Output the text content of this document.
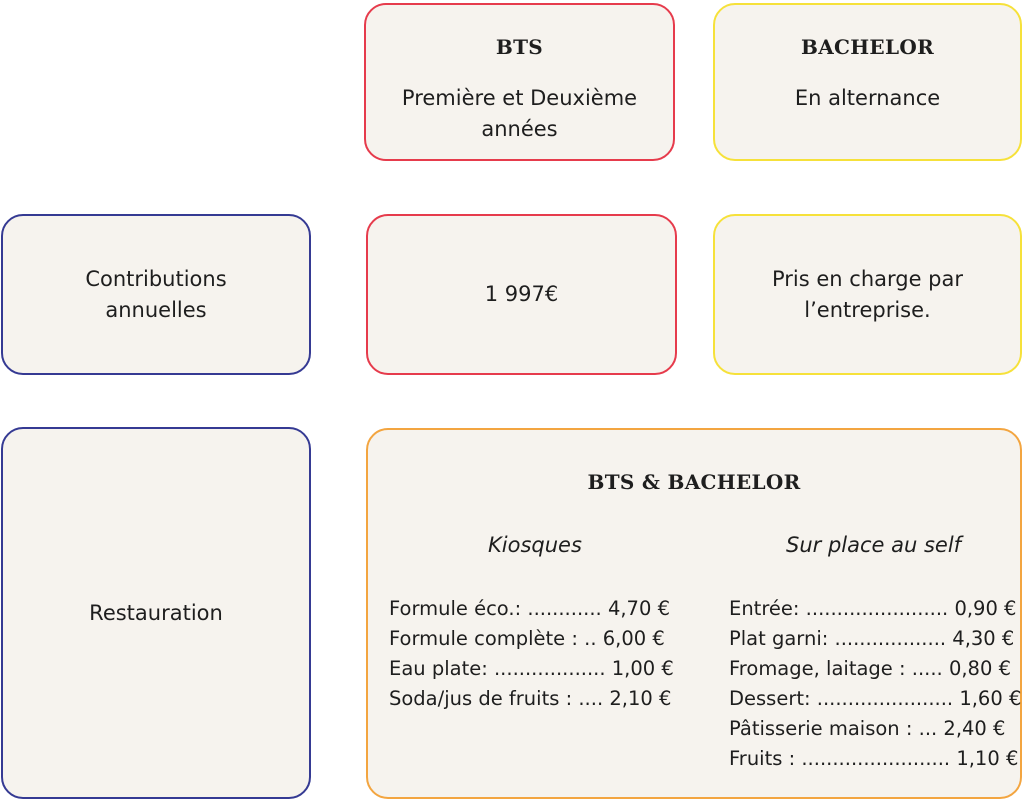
BTS
Première et Deuxième années
BACHELOR
En alternance
Contributions annuelles
1 997€
Pris en charge par l’entreprise.
Restauration
BTS & BACHELOR
Kiosques	Sur place au self
Formule éco.: ............ 4,70 €
Formule complète : .. 6,00 €
Eau plate: .................. 1,00 €
Soda/jus de fruits : .... 2,10 €
Entrée: ....................... 0,90 €
Plat garni: .................. 4,30 €
Fromage, laitage : ..... 0,80 €
Dessert: ...................... 1,60 €
Pâtisserie maison : ... 2,40 €
Fruits : ........................ 1,10 €
